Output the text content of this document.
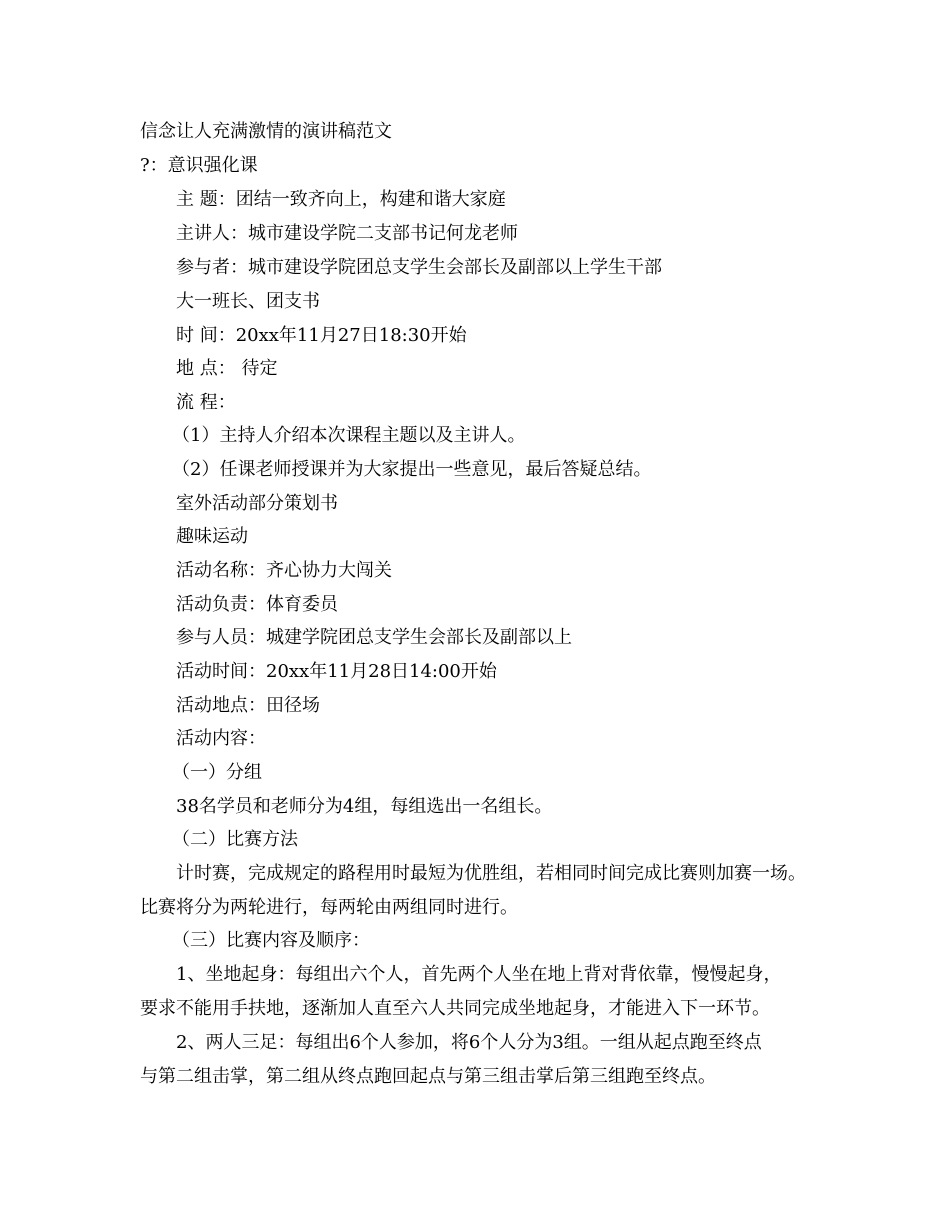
信念让人充满激情的演讲稿范文
?：意识强化课
主 题：团结一致齐向上，构建和谐大家庭
主讲人：城市建设学院二支部书记何龙老师
参与者：城市建设学院团总支学生会部长及副部以上学生干部
大一班长、团支书
时 间：20xx年11月27日18:30开始
地 点： 待定
流 程：
（1）主持人介绍本次课程主题以及主讲人。
（2）任课老师授课并为大家提出一些意见，最后答疑总结。
室外活动部分策划书
趣味运动
活动名称：齐心协力大闯关
活动负责：体育委员
参与人员：城建学院团总支学生会部长及副部以上
活动时间：20xx年11月28日14:00开始
活动地点：田径场
活动内容：
（一）分组
38名学员和老师分为4组，每组选出一名组长。
（二）比赛方法
计时赛，完成规定的路程用时最短为优胜组，若相同时间完成比赛则加赛一场。
比赛将分为两轮进行，每两轮由两组同时进行。
（三）比赛内容及顺序：
1、坐地起身：每组出六个人，首先两个人坐在地上背对背依靠，慢慢起身，
要求不能用手扶地，逐渐加人直至六人共同完成坐地起身，才能进入下一环节。
2、两人三足：每组出6个人参加，将6个人分为3组。一组从起点跑至终点
与第二组击掌，第二组从终点跑回起点与第三组击掌后第三组跑至终点。
